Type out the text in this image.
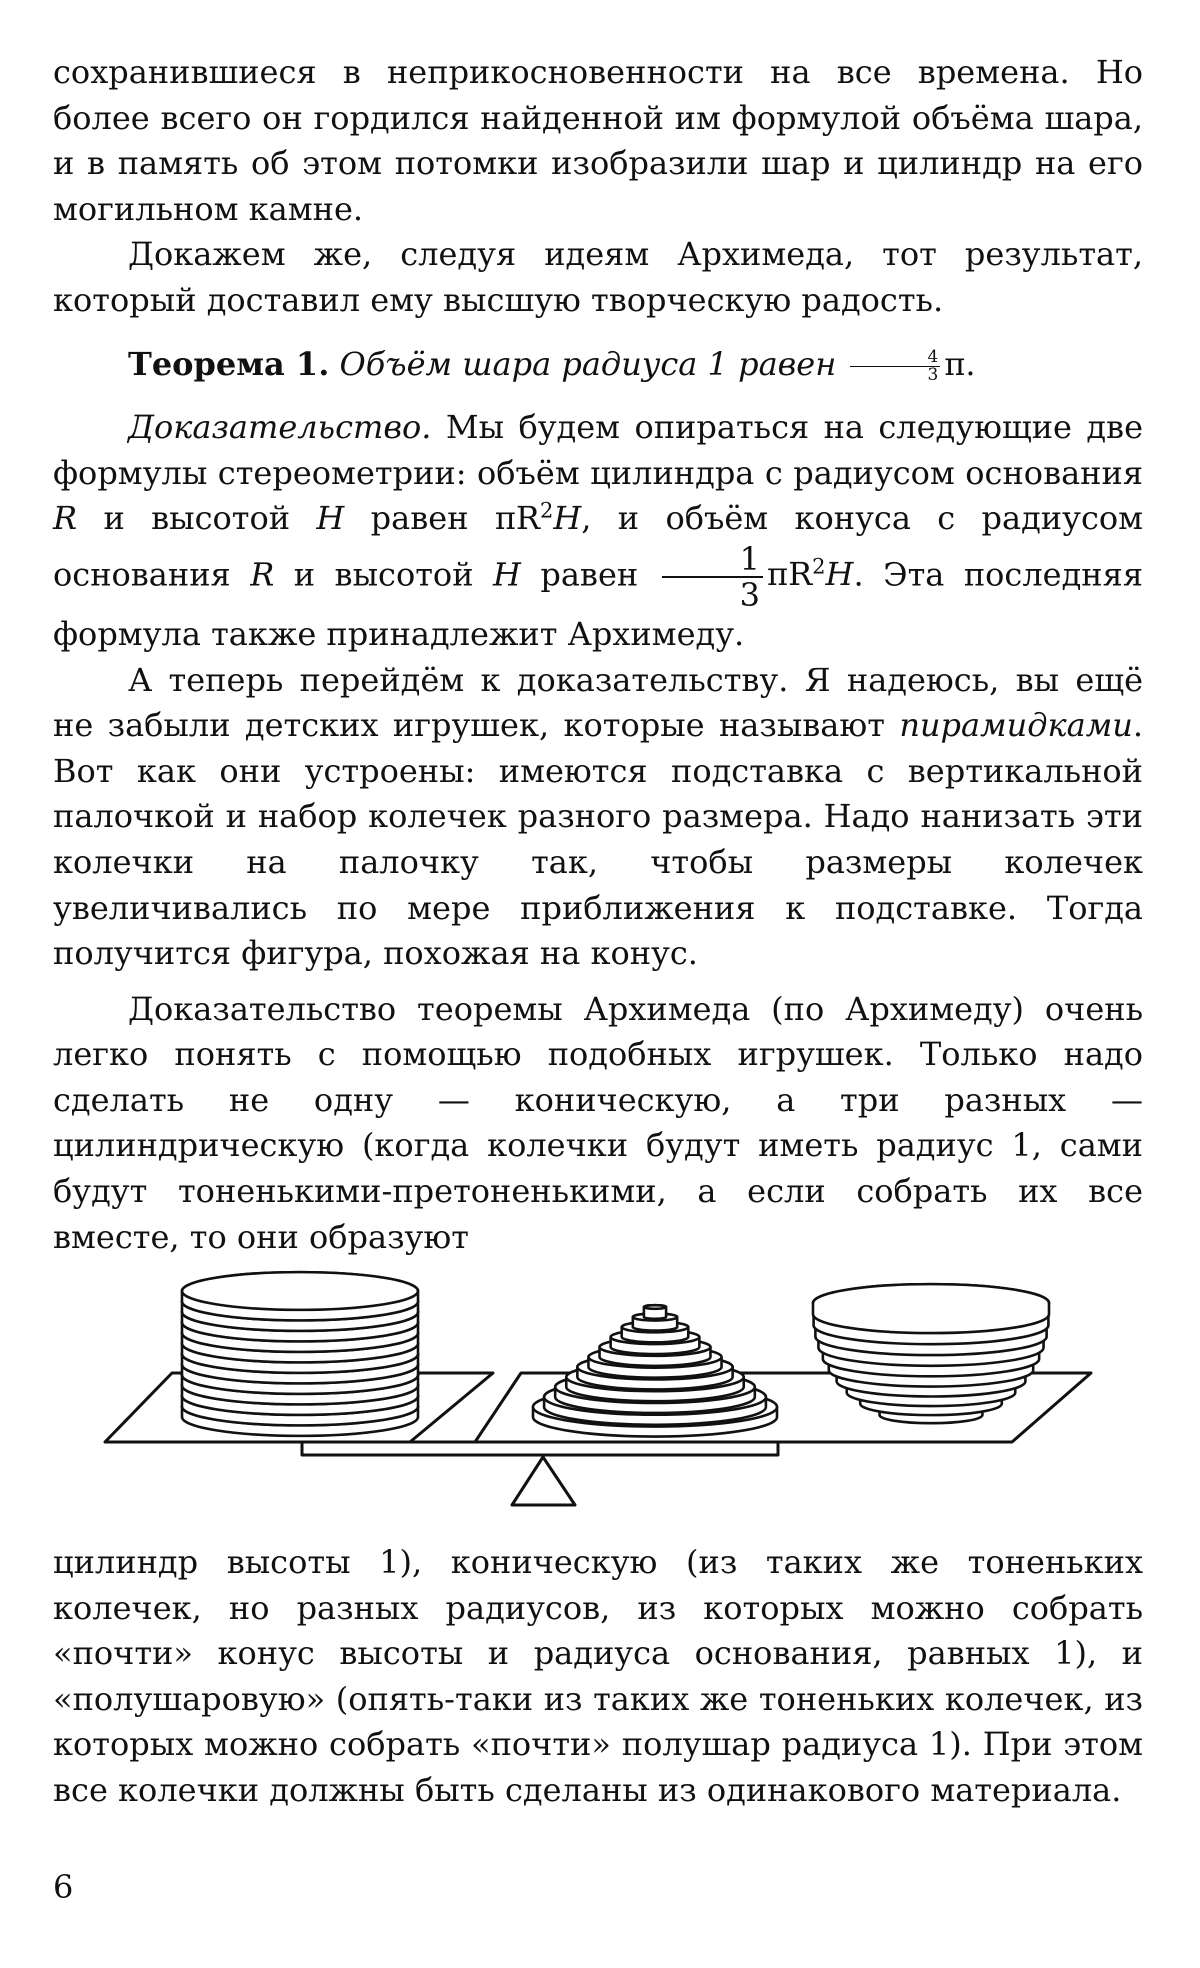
сохранившиеся в неприкосновенности на все времена. Но более всего он гордился найденной им формулой объёма шара, и в память об этом потомки изобразили шар и цилиндр на его могильном камне.

Докажем же, следуя идеям Архимеда, тот результат, который доставил ему высшую творческую радость.

Теорема 1. Объём шара радиуса 1 равен $\frac{4}{3} \pi$.

Доказательство. Мы будем опираться на следующие две формулы стереометрии: объём цилиндра с радиусом основания R и высотой H равен $\pi R^2H$, и объём конуса с радиусом основания R и высотой H равен $\frac{1}{3} \pi R^2H$. Эта последняя формула также принадлежит Архимеду.

А теперь перейдём к доказательству. Я надеюсь, вы ещё не забыли детских игрушек, которые называют пирамидками. Вот как они устроены: имеются подставка с вертикальной палочкой и набор колечек разного размера. Надо нанизать эти колечки на палочку так, чтобы размеры колечек увеличивались по мере приближения к подставке. Тогда получится фигура, похожая на конус.

Доказательство теоремы Архимеда (по Архимеду) очень легко понять с помощью подобных игрушек. Только надо сделать не одну — коническую, а три разных — цилиндрическую (когда колечки будут иметь радиус 1, сами будут тоненькими-претоненькими, а если собрать их все вместе, то они образуют

цилиндр высоты 1), коническую (из таких же тоненьких колечек, но разных радиусов, из которых можно собрать «почти» конус высоты и радиуса основания, равных 1), и «полушаровую» (опять-таки из таких же тоненьких колечек, из которых можно собрать «почти» полушар радиуса 1). При этом все колечки должны быть сделаны из одинакового материала.

6
